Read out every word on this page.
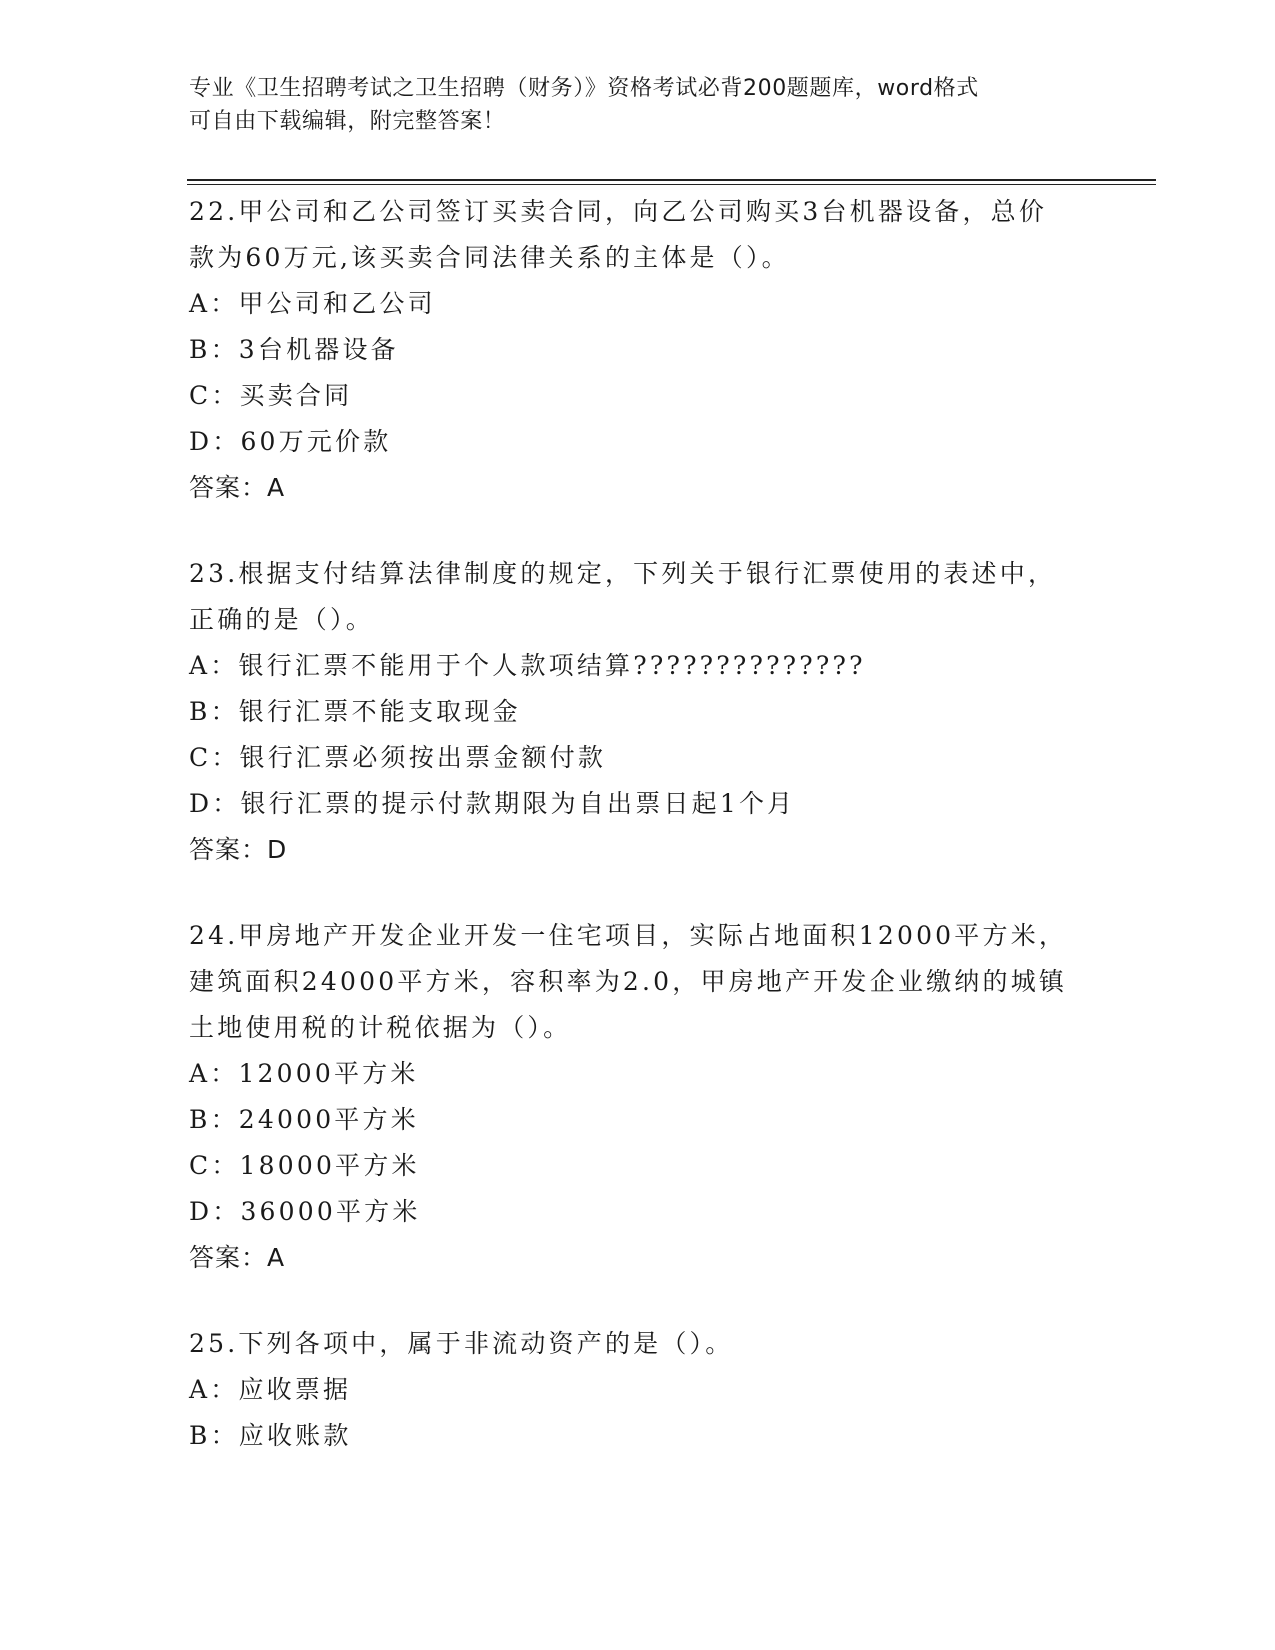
专业《卫生招聘考试之卫生招聘（财务）》资格考试必背200题题库，word格式
可自由下载编辑，附完整答案！
22.甲公司和乙公司签订买卖合同，向乙公司购买3台机器设备，总价
款为60万元,该买卖合同法律关系的主体是（）。
A：甲公司和乙公司
B：3台机器设备
C：买卖合同
D：60万元价款
答案：A
23.根据支付结算法律制度的规定，下列关于银行汇票使用的表述中，
正确的是（）。
A：银行汇票不能用于个人款项结算??????????????
B：银行汇票不能支取现金
C：银行汇票必须按出票金额付款
D：银行汇票的提示付款期限为自出票日起1个月
答案：D
24.甲房地产开发企业开发一住宅项目，实际占地面积12000平方米，
建筑面积24000平方米，容积率为2.0，甲房地产开发企业缴纳的城镇
土地使用税的计税依据为（）。
A：12000平方米
B：24000平方米
C：18000平方米
D：36000平方米
答案：A
25.下列各项中，属于非流动资产的是（）。
A：应收票据
B：应收账款
